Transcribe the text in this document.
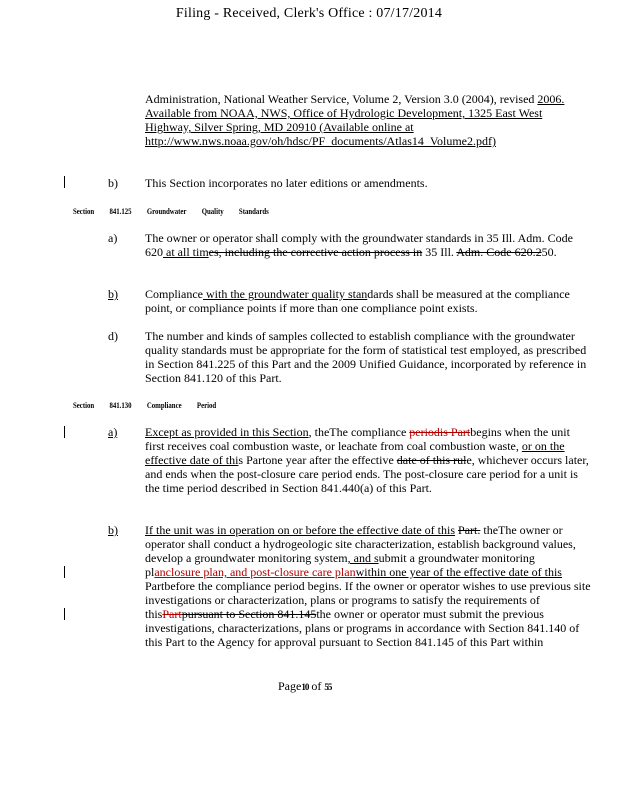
Filing - Received, Clerk's Office : 07/17/2014

Administration, National Weather Service, Volume 2, Version 3.0 (2004), revised 2006. Available from NOAA, NWS, Office of Hydrologic Development, 1325 East West Highway, Silver Spring, MD 20910 (Available online at http://www.nws.noaa.gov/oh/hdsc/PF_documents/Atlas14_Volume2.pdf)

b) This Section incorporates no later editions or amendments.

Section 841.125 Groundwater Quality Standards
a) The owner or operator shall comply with the groundwater standards in 35 Ill. Adm. Code 620 at all times, including the corrective action process in 35 Ill. Adm. Code 620.250.

b) Compliance with the groundwater quality standards shall be measured at the compliance point, or compliance points if more than one compliance point exists.

d) The number and kinds of samples collected to establish compliance with the groundwater quality standards must be appropriate for the form of statistical test employed, as prescribed in Section 841.225 of this Part and the 2009 Unified Guidance, incorporated by reference in Section 841.120 of this Part.

Section 841.130 Compliance Period
a) Except as provided in this Section, theThe compliance periodis Partbegins when the unit first receives coal combustion waste, or leachate from coal combustion waste, or on the effective date of this Partone year after the effective date of this rule, whichever occurs later, and ends when the post-closure care period ends. The post-closure care period for a unit is the time period described in Section 841.440(a) of this Part.

b) If the unit was in operation on or before the effective date of this Part. theThe owner or operator shall conduct a hydrogeologic site characterization, establish background values, develop a groundwater monitoring system, and submit a groundwater monitoring planclosure plan, and post-closure care planwithin one year of the effective date of this Partbefore the compliance period begins. If the owner or operator wishes to use previous site investigations or characterization, plans or programs to satisfy the requirements of thisPartpursuant to Section 841.145the owner or operator must submit the previous investigations, characterizations, plans or programs in accordance with Section 841.140 of this Part to the Agency for approval pursuant to Section 841.145 of this Part within

Page10 of 55
